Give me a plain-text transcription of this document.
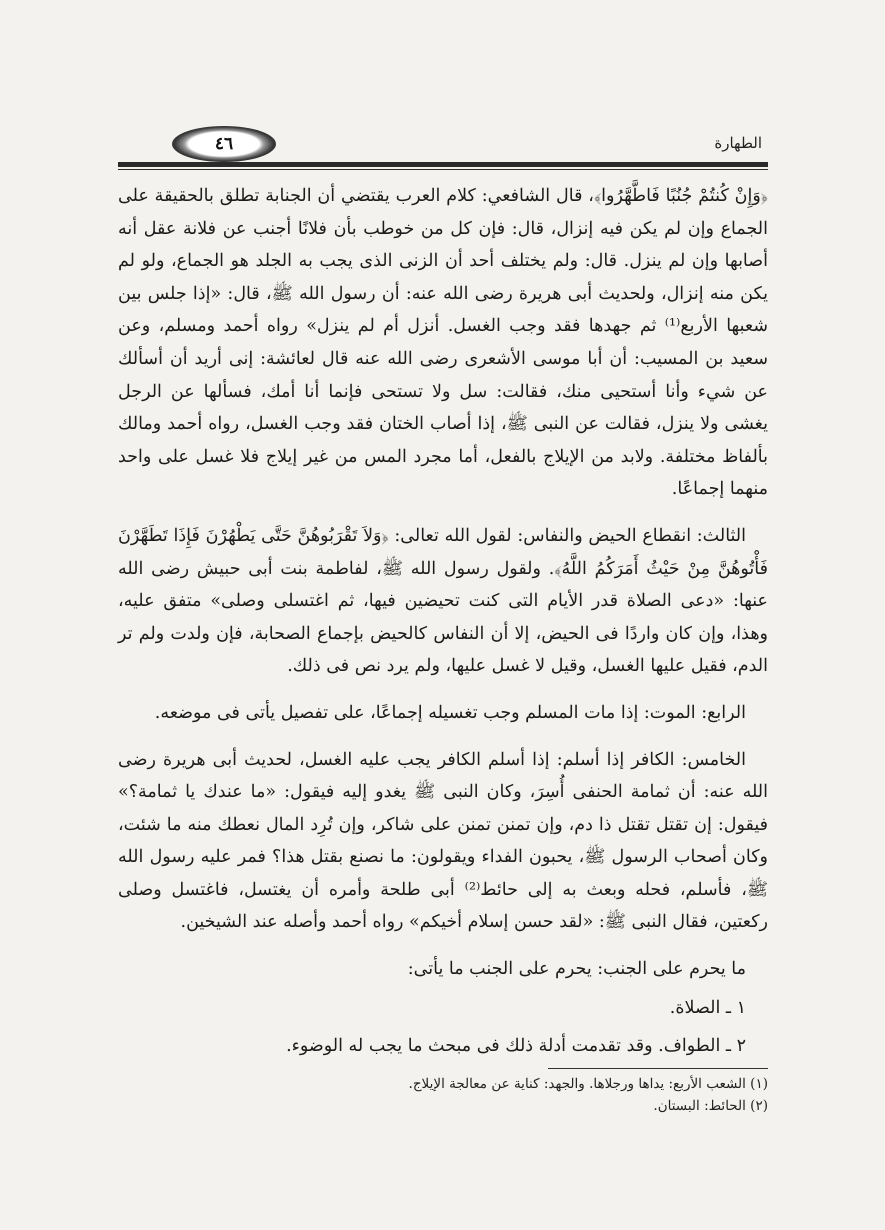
٤٦	الطهارة

﴿وَإِنْ كُنتُمْ جُنُبًا فَاطَّهَّرُوا﴾، قال الشافعي: كلام العرب يقتضي أن الجنابة تطلق بالحقيقة على الجماع وإن لم يكن فيه إنزال، قال: فإن كل من خوطب بأن فلانًا أجنب عن فلانة عقل أنه أصابها وإن لم ينزل. قال: ولم يختلف أحد أن الزنى الذى يجب به الجلد هو الجماع، ولو لم يكن منه إنزال، ولحديث أبى هريرة رضى الله عنه: أن رسول الله ﷺ، قال: «إذا جلس بين شعبها الأربع⁽¹⁾ ثم جهدها فقد وجب الغسل. أنزل أم لم ينزل» رواه أحمد ومسلم، وعن سعيد بن المسيب: أن أبا موسى الأشعرى رضى الله عنه قال لعائشة: إنى أريد أن أسألك عن شيء وأنا أستحيى منك، فقالت: سل ولا تستحى فإنما أنا أمك، فسألها عن الرجل يغشى ولا ينزل، فقالت عن النبى ﷺ، إذا أصاب الختان فقد وجب الغسل، رواه أحمد ومالك بألفاظ مختلفة. ولابد من الإيلاج بالفعل، أما مجرد المس من غير إيلاج فلا غسل على واحد منهما إجماعًا.

الثالث: انقطاع الحيض والنفاس: لقول الله تعالى: ﴿وَلاَ تَقْرَبُوهُنَّ حَتَّى يَطْهُرْنَ فَإِذَا تَطَهَّرْنَ فَأْتُوهُنَّ مِنْ حَيْثُ أَمَرَكُمُ اللَّهُ﴾. ولقول رسول الله ﷺ، لفاطمة بنت أبى حبيش رضى الله عنها: «دعى الصلاة قدر الأيام التى كنت تحيضين فيها، ثم اغتسلى وصلى» متفق عليه، وهذا، وإن كان واردًا فى الحيض، إلا أن النفاس كالحيض بإجماع الصحابة، فإن ولدت ولم تر الدم، فقيل عليها الغسل، وقيل لا غسل عليها، ولم يرد نص فى ذلك.

الرابع: الموت: إذا مات المسلم وجب تغسيله إجماعًا، على تفصيل يأتى فى موضعه.

الخامس: الكافر إذا أسلم: إذا أسلم الكافر يجب عليه الغسل، لحديث أبى هريرة رضى الله عنه: أن ثمامة الحنفى أُسِرَ، وكان النبى ﷺ يغدو إليه فيقول: «ما عندك يا ثمامة؟» فيقول: إن تقتل تقتل ذا دم، وإن تمنن تمنن على شاكر، وإن تُرِد المال نعطك منه ما شئت، وكان أصحاب الرسول ﷺ، يحبون الفداء ويقولون: ما نصنع بقتل هذا؟ فمر عليه رسول الله ﷺ، فأسلم، فحله وبعث به إلى حائط⁽²⁾ أبى طلحة وأمره أن يغتسل، فاغتسل وصلى ركعتين، فقال النبى ﷺ: «لقد حسن إسلام أخيكم» رواه أحمد وأصله عند الشيخين.

ما يحرم على الجنب: يحرم على الجنب ما يأتى:

١ ـ الصلاة.

٢ ـ الطواف. وقد تقدمت أدلة ذلك فى مبحث ما يجب له الوضوء.

(١) الشعب الأربع: يداها ورجلاها. والجهد: كناية عن معالجة الإيلاج.
(٢) الحائط: البستان.
